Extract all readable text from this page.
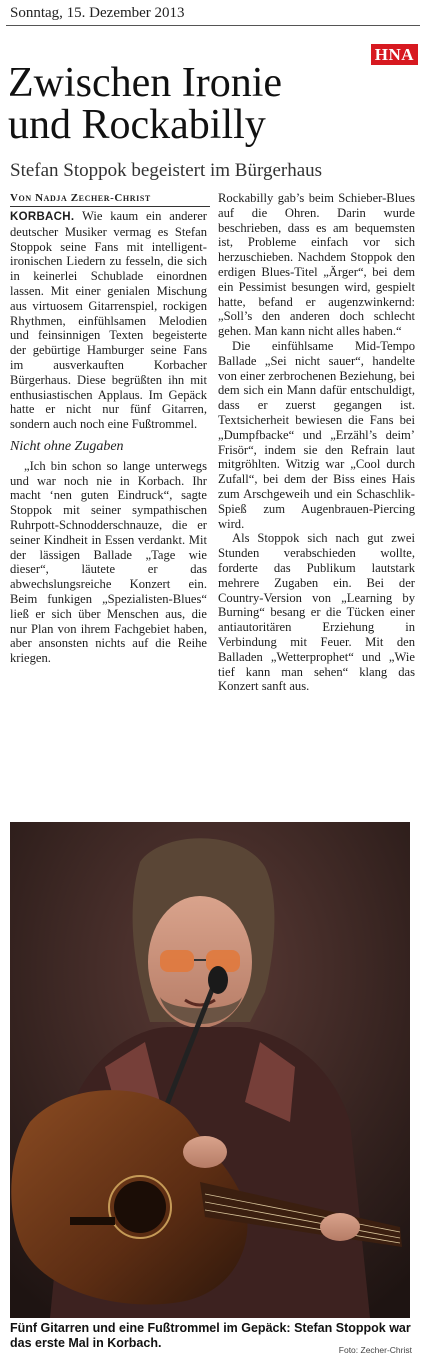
Sonntag, 15. Dezember 2013
HNA
Zwischen Ironie
und Rockabilly
Stefan Stoppok begeistert im Bürgerhaus
Von Nadja Zecher-Christ

KORBACH. Wie kaum ein anderer deutscher Musiker vermag es Stefan Stoppok seine Fans mit intelligent-ironischen Liedern zu fesseln, die sich in keinerlei Schublade einordnen lassen. Mit einer genialen Mischung aus virtuosem Gitarrenspiel, rockigen Rhythmen, einfühlsamen Melodien und feinsinnigen Texten begeisterte der gebürtige Hamburger seine Fans im ausverkauften Korbacher Bürgerhaus. Diese begrüßten ihn mit enthusiastischen Applaus. Im Gepäck hatte er nicht nur fünf Gitarren, sondern auch noch eine Fußtrommel.

Nicht ohne Zugaben

„Ich bin schon so lange unterwegs und war noch nie in Korbach. Ihr macht ‘nen guten Eindruck“, sagte Stoppok mit seiner sympathischen Ruhrpott-Schnodderschnauze, die er seiner Kindheit in Essen verdankt. Mit der lässigen Ballade „Tage wie dieser“, läutete er das abwechslungsreiche Konzert ein. Beim funkigen „Spezialisten-Blues“ ließ er sich über Menschen aus, die nur Plan von ihrem Fachgebiet haben, aber ansonsten nichts auf die Reihe kriegen.

Rockabilly gab’s beim Schieber-Blues auf die Ohren. Darin wurde beschrieben, dass es am bequemsten ist, Probleme einfach vor sich herzuschieben. Nachdem Stoppok den erdigen Blues-Titel „Ärger“, bei dem ein Pessimist besungen wird, gespielt hatte, befand er augenzwinkernd: „Soll’s den anderen doch schlecht gehen. Man kann nicht alles haben.“

Die einfühlsame Mid-Tempo Ballade „Sei nicht sauer“, handelte von einer zerbrochenen Beziehung, bei dem sich ein Mann dafür entschuldigt, dass er zuerst gegangen ist. Textsicherheit bewiesen die Fans bei „Dumpfbacke“ und „Erzähl’s deim’ Frisör“, indem sie den Refrain laut mitgröhlten. Witzig war „Cool durch Zufall“, bei dem der Biss eines Hais zum Arschgeweih und ein Schaschlik-Spieß zum Augenbrauen-Piercing wird.

Als Stoppok sich nach gut zwei Stunden verabschieden wollte, forderte das Publikum lautstark mehrere Zugaben ein. Bei der Country-Version von „Learning by Burning“ besang er die Tücken einer antiautoritären Erziehung in Verbindung mit Feuer. Mit den Balladen „Wetterprophet“ und „Wie tief kann man sehen“ klang das Konzert sanft aus.

Fünf Gitarren und eine Fußtrommel im Gepäck: Stefan Stoppok war das erste Mal in Korbach.	Foto: Zecher-Christ
